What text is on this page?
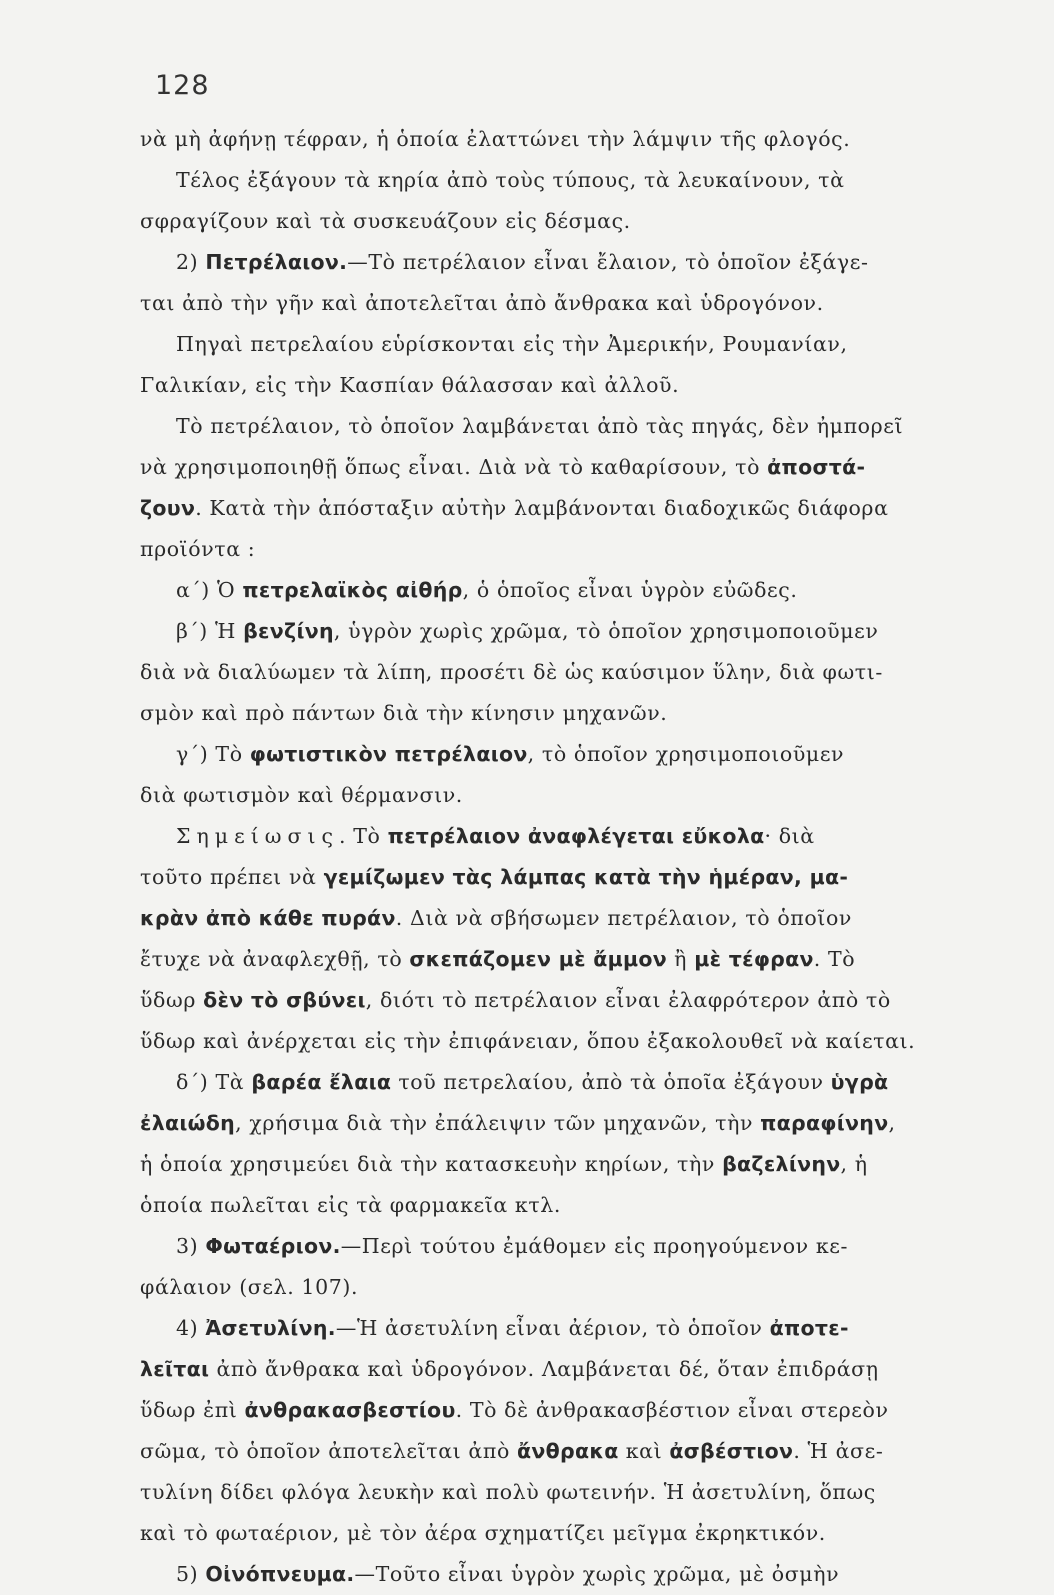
128
νὰ μὴ ἀφήνῃ τέφραν, ἡ ὁποία ἐλαττώνει τὴν λάμψιν τῆς φλογός.
Τέλος ἐξάγουν τὰ κηρία ἀπὸ τοὺς τύπους, τὰ λευκαίνουν, τὰ
σφραγίζουν καὶ τὰ συσκευάζουν εἰς δέσμας.
2) Πετρέλαιον.—Τὸ πετρέλαιον εἶναι ἔλαιον, τὸ ὁποῖον ἐξάγε-
ται ἀπὸ τὴν γῆν καὶ ἀποτελεῖται ἀπὸ ἄνθρακα καὶ ὑδρογόνον.
Πηγαὶ πετρελαίου εὑρίσκονται εἰς τὴν Ἀμερικήν, Ρουμανίαν,
Γαλικίαν, εἰς τὴν Κασπίαν θάλασσαν καὶ ἀλλοῦ.
Τὸ πετρέλαιον, τὸ ὁποῖον λαμβάνεται ἀπὸ τὰς πηγάς, δὲν ἠμπορεῖ
νὰ χρησιμοποιηθῇ ὅπως εἶναι. Διὰ νὰ τὸ καθαρίσουν, τὸ ἀποστά-
ζουν. Κατὰ τὴν ἀπόσταξιν αὐτὴν λαμβάνονται διαδοχικῶς διάφορα
προϊόντα :
α΄) Ὁ πετρελαϊκὸς αἰθήρ, ὁ ὁποῖος εἶναι ὑγρὸν εὐῶδες.
β΄) Ἡ βενζίνη, ὑγρὸν χωρὶς χρῶμα, τὸ ὁποῖον χρησιμοποιοῦμεν
διὰ νὰ διαλύωμεν τὰ λίπη, προσέτι δὲ ὡς καύσιμον ὕλην, διὰ φωτι-
σμὸν καὶ πρὸ πάντων διὰ τὴν κίνησιν μηχανῶν.
γ΄) Τὸ φωτιστικὸν πετρέλαιον, τὸ ὁποῖον χρησιμοποιοῦμεν
διὰ φωτισμὸν καὶ θέρμανσιν.
Σημείωσις. Τὸ πετρέλαιον ἀναφλέγεται εὔκολα· διὰ
τοῦτο πρέπει νὰ γεμίζωμεν τὰς λάμπας κατὰ τὴν ἡμέραν, μα-
κρὰν ἀπὸ κάθε πυράν. Διὰ νὰ σβήσωμεν πετρέλαιον, τὸ ὁποῖον
ἔτυχε νὰ ἀναφλεχθῇ, τὸ σκεπάζομεν μὲ ἄμμον ἢ μὲ τέφραν. Τὸ
ὕδωρ δὲν τὸ σβύνει, διότι τὸ πετρέλαιον εἶναι ἐλαφρότερον ἀπὸ τὸ
ὕδωρ καὶ ἀνέρχεται εἰς τὴν ἐπιφάνειαν, ὅπου ἐξακολουθεῖ νὰ καίεται.
δ΄) Τὰ βαρέα ἔλαια τοῦ πετρελαίου, ἀπὸ τὰ ὁποῖα ἐξάγουν ὑγρὰ
ἐλαιώδη, χρήσιμα διὰ τὴν ἐπάλειψιν τῶν μηχανῶν, τὴν παραφίνην,
ἡ ὁποία χρησιμεύει διὰ τὴν κατασκευὴν κηρίων, τὴν βαζελίνην, ἡ
ὁποία πωλεῖται εἰς τὰ φαρμακεῖα κτλ.
3) Φωταέριον.—Περὶ τούτου ἐμάθομεν εἰς προηγούμενον κε-
φάλαιον (σελ. 107).
4) Ἀσετυλίνη.—Ἡ ἀσετυλίνη εἶναι ἀέριον, τὸ ὁποῖον ἀποτε-
λεῖται ἀπὸ ἄνθρακα καὶ ὑδρογόνον. Λαμβάνεται δέ, ὅταν ἐπιδράσῃ
ὕδωρ ἐπὶ ἀνθρακασβεστίου. Τὸ δὲ ἀνθρακασβέστιον εἶναι στερεὸν
σῶμα, τὸ ὁποῖον ἀποτελεῖται ἀπὸ ἄνθρακα καὶ ἀσβέστιον. Ἡ ἀσε-
τυλίνη δίδει φλόγα λευκὴν καὶ πολὺ φωτεινήν. Ἡ ἀσετυλίνη, ὅπως
καὶ τὸ φωταέριον, μὲ τὸν ἀέρα σχηματίζει μεῖγμα ἐκρηκτικόν.
5) Οἰνόπνευμα.—Τοῦτο εἶναι ὑγρὸν χωρὶς χρῶμα, μὲ ὀσμὴν
